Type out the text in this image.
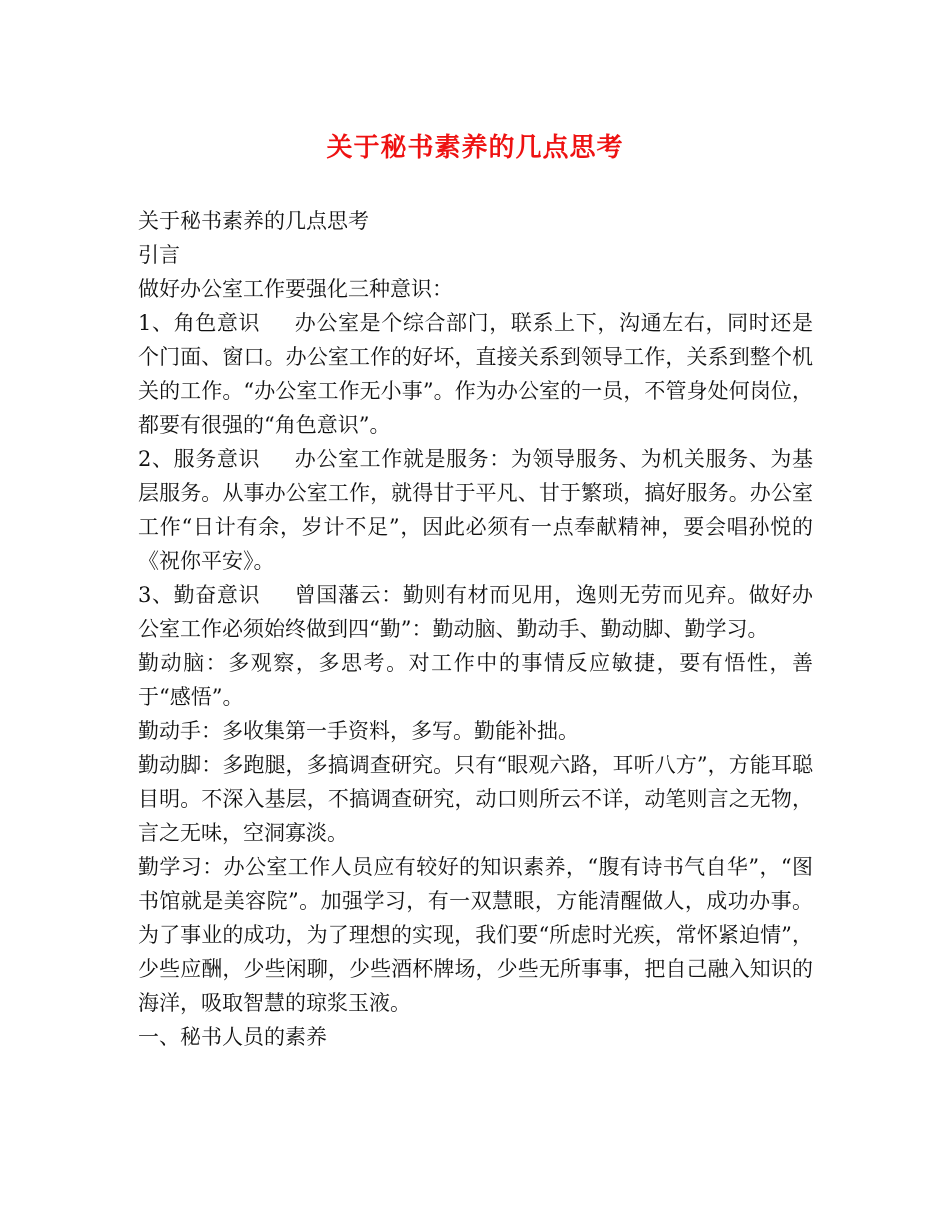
关于秘书素养的几点思考

关于秘书素养的几点思考

引言

做好办公室工作要强化三种意识：

1、角色意识 办公室是个综合部门，联系上下，沟通左右，同时还是个门面、窗口。办公室工作的好坏，直接关系到领导工作，关系到整个机关的工作。“办公室工作无小事”。作为办公室的一员，不管身处何岗位，都要有很强的“角色意识”。

2、服务意识 办公室工作就是服务：为领导服务、为机关服务、为基层服务。从事办公室工作，就得甘于平凡、甘于繁琐，搞好服务。办公室工作“日计有余，岁计不足”，因此必须有一点奉献精神，要会唱孙悦的《祝你平安》。

3、勤奋意识 曾国藩云：勤则有材而见用，逸则无劳而见弃。做好办公室工作必须始终做到四“勤”：勤动脑、勤动手、勤动脚、勤学习。

勤动脑：多观察，多思考。对工作中的事情反应敏捷，要有悟性，善于“感悟”。

勤动手：多收集第一手资料，多写。勤能补拙。

勤动脚：多跑腿，多搞调查研究。只有“眼观六路，耳听八方”，方能耳聪目明。不深入基层，不搞调查研究，动口则所云不详，动笔则言之无物，言之无味，空洞寡淡。

勤学习：办公室工作人员应有较好的知识素养，“腹有诗书气自华”，“图书馆就是美容院”。加强学习，有一双慧眼，方能清醒做人，成功办事。为了事业的成功，为了理想的实现，我们要“所虑时光疾，常怀紧迫情”，少些应酬，少些闲聊，少些酒杯牌场，少些无所事事，把自己融入知识的海洋，吸取智慧的琼浆玉液。

一、秘书人员的素养
